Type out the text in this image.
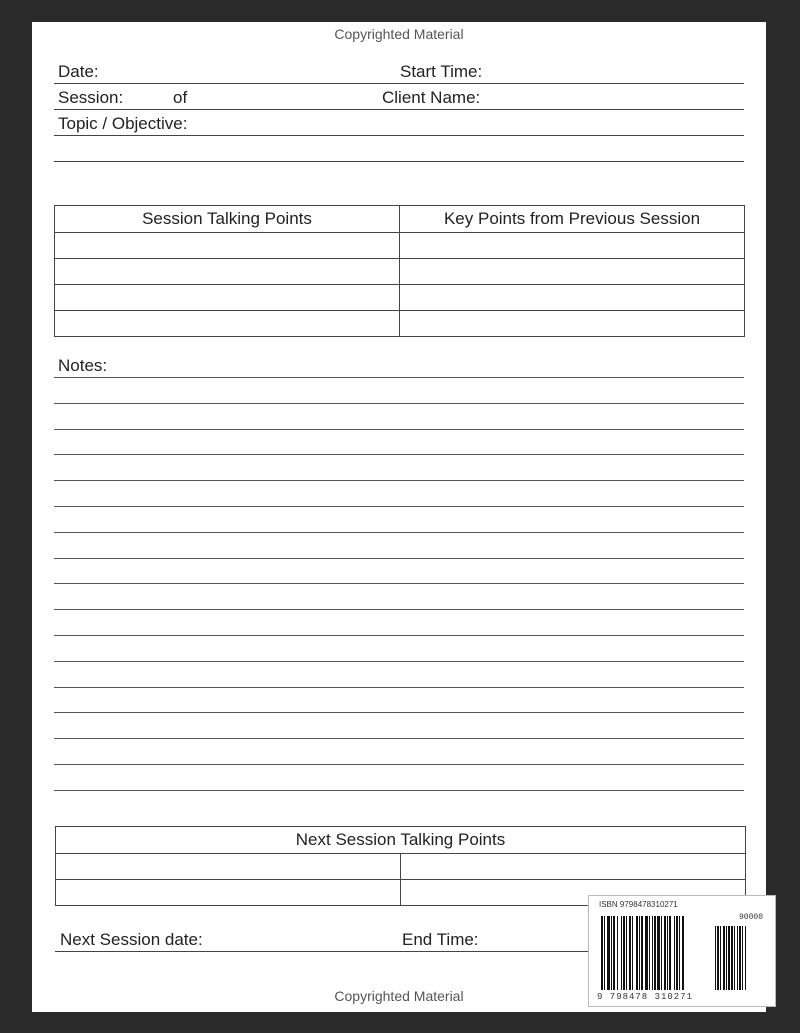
Copyrighted Material
Date:	Start Time:
Session:	of	Client Name:
Topic / Objective:
Session Talking Points	Key Points from Previous Session

Notes:
Next Session Talking Points	

Next Session date:	End Time:
Copyrighted Material
ISBN 9798478310271
90000
9 798478 310271
